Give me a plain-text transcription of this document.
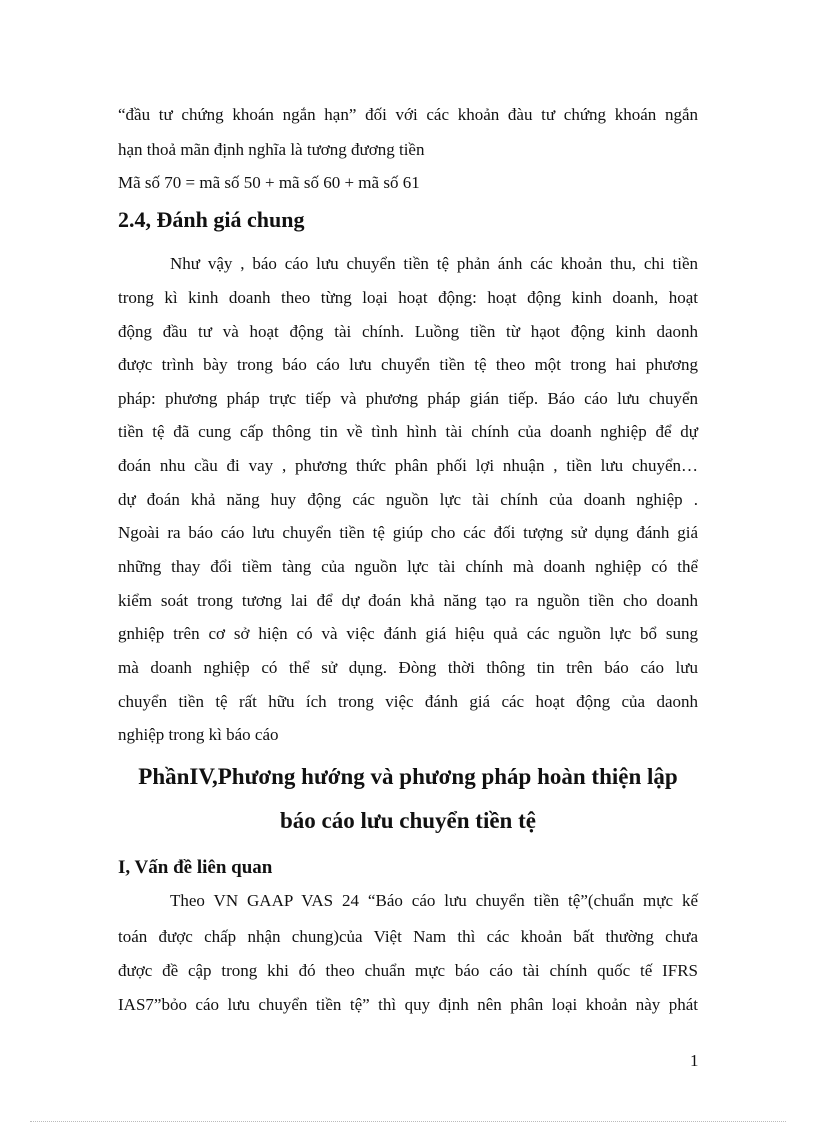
“đầu tư chứng khoán ngắn hạn” đối với các khoản đàu tư chứng khoán ngắn
hạn thoả mãn định nghĩa là tương đương tiền
Mã số 70 = mã số 50 + mã số 60 + mã số 61
2.4, Đánh giá chung
Như vậy , báo cáo lưu chuyển tiền tệ phản ánh các khoản thu, chi tiền
trong kì kinh doanh theo từng loại hoạt động: hoạt động kinh doanh, hoạt
động đầu tư và hoạt động tài chính. Luồng tiền từ hạot động kinh daonh
được trình bày trong báo cáo lưu chuyển tiền tệ theo một trong hai phương
pháp: phương pháp trực tiếp và phương pháp gián tiếp. Báo cáo lưu chuyển
tiền tệ đã cung cấp thông tin về tình hình tài chính của doanh nghiệp để dự
đoán nhu cầu đi vay , phương thức phân phối lợi nhuận , tiền lưu chuyển…
dự đoán khả năng huy động các nguồn lực tài chính của doanh nghiệp .
Ngoài ra báo cáo lưu chuyển tiền tệ giúp cho các đối tượng sử dụng đánh giá
những thay đổi tiềm tàng của nguồn lực tài chính mà doanh nghiệp có thể
kiểm soát trong tương lai để dự đoán khả năng tạo ra nguồn tiền cho doanh
gnhiệp trên cơ sở hiện có và việc đánh giá hiệu quả các nguồn lực bổ sung
mà doanh nghiệp có thể sử dụng. Đòng thời thông tin trên báo cáo lưu
chuyển tiền tệ rất hữu ích trong việc đánh giá các hoạt động của daonh
nghiệp trong kì báo cáo
PhầnIV,Phương hướng và phương pháp hoàn thiện lập
báo cáo lưu chuyển tiền tệ
I, Vấn đề liên quan
Theo VN GAAP VAS 24 “Báo cáo lưu chuyển tiền tệ”(chuẩn mực kế
toán được chấp nhận chung)của Việt Nam thì các khoản bất thường chưa
được đề cập trong khi đó theo chuẩn mực báo cáo tài chính quốc tế IFRS
IAS7”bỏo cáo lưu chuyển tiền tệ” thì quy định nên phân loại khoản này phát
1
